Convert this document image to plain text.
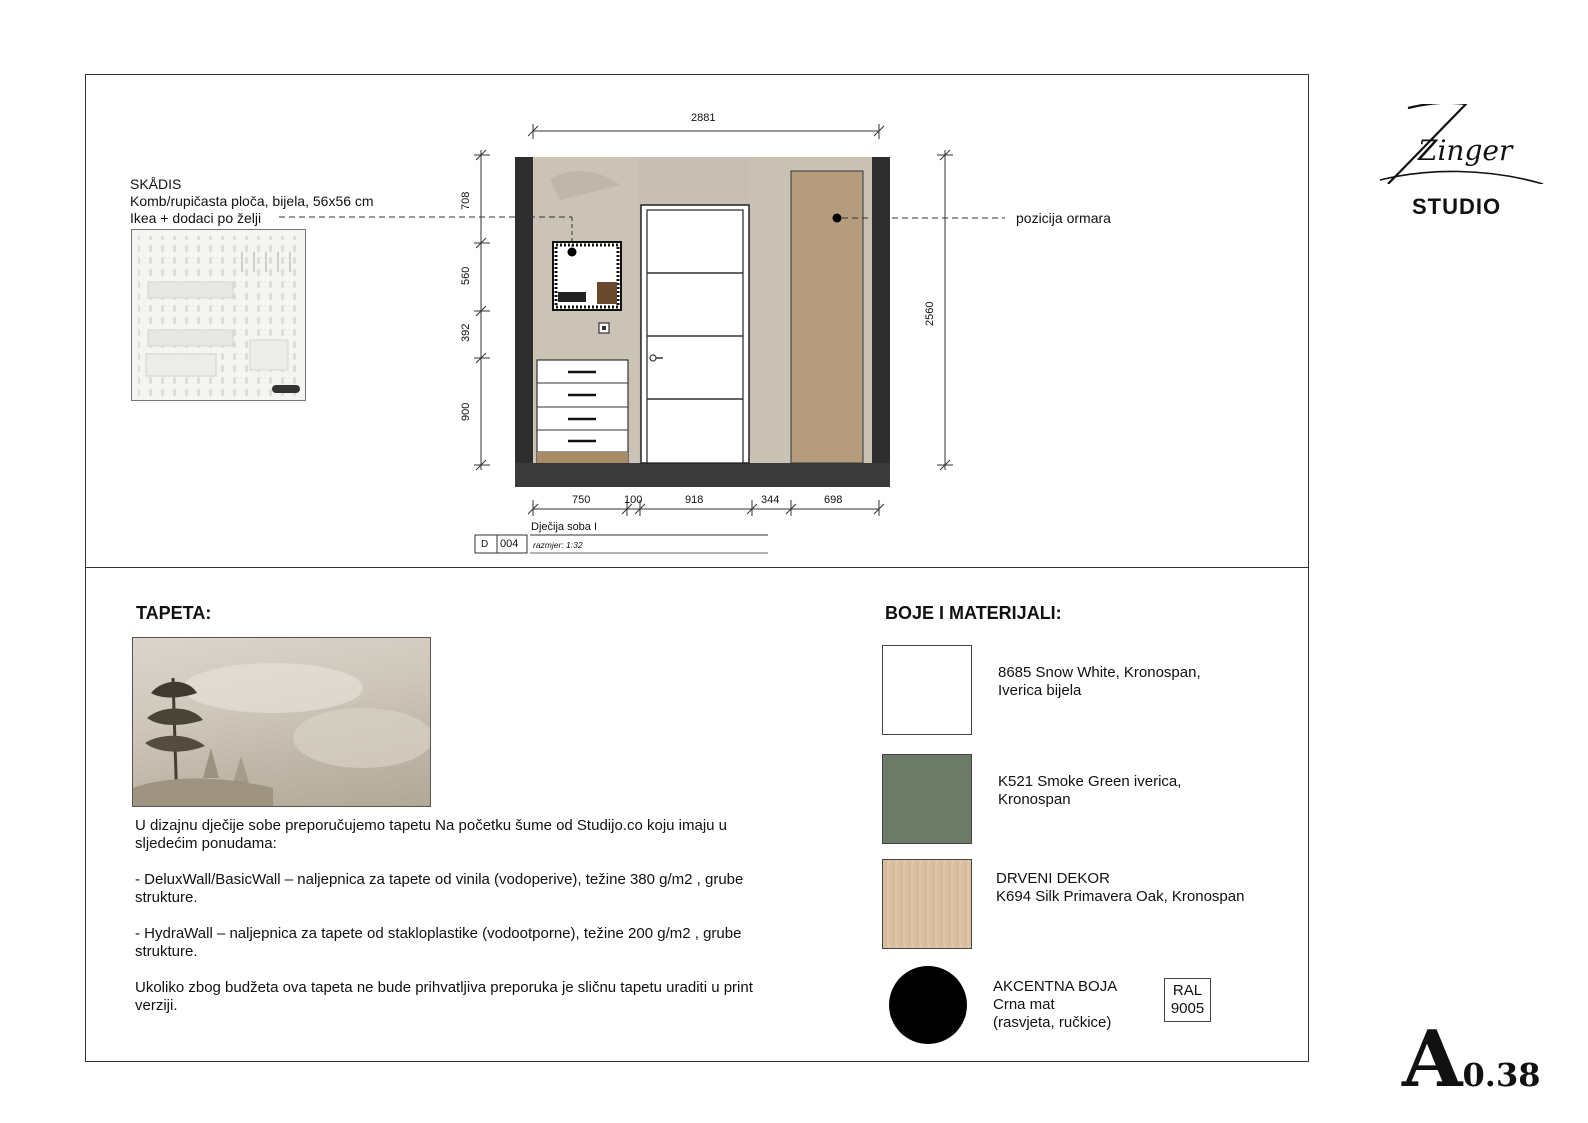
Zinger
STUDIO
A0.38
2881
708
560
392
900
2560
750	100	918	344	698
Dječija soba I
D 004 razmjer: 1:32
SKÅDIS
Komb/rupičasta ploča, bijela, 56x56 cm
Ikea + dodaci po želji	pozicija ormara
TAPETA:
U dizajnu dječije sobe preporučujemo tapetu Na početku šume od Studijo.co koju imaju u sljedećim ponudama:
- DeluxWall/BasicWall – naljepnica za tapete od vinila (vodoperive), težine 380 g/m2 , grube strukture.
- HydraWall – naljepnica za tapete od stakloplastike (vodootporne), težine 200 g/m2 , grube strukture.
Ukoliko zbog budžeta ova tapeta ne bude prihvatljiva preporuka je sličnu tapetu uraditi u print verziji.
BOJE I MATERIJALI:
8685 Snow White, Kronospan,
Iverica bijela
K521 Smoke Green iverica,
Kronospan
DRVENI DEKOR
K694 Silk Primavera Oak, Kronospan
AKCENTNA BOJA
Crna mat
(rasvjeta, ručkice)
RAL
9005
